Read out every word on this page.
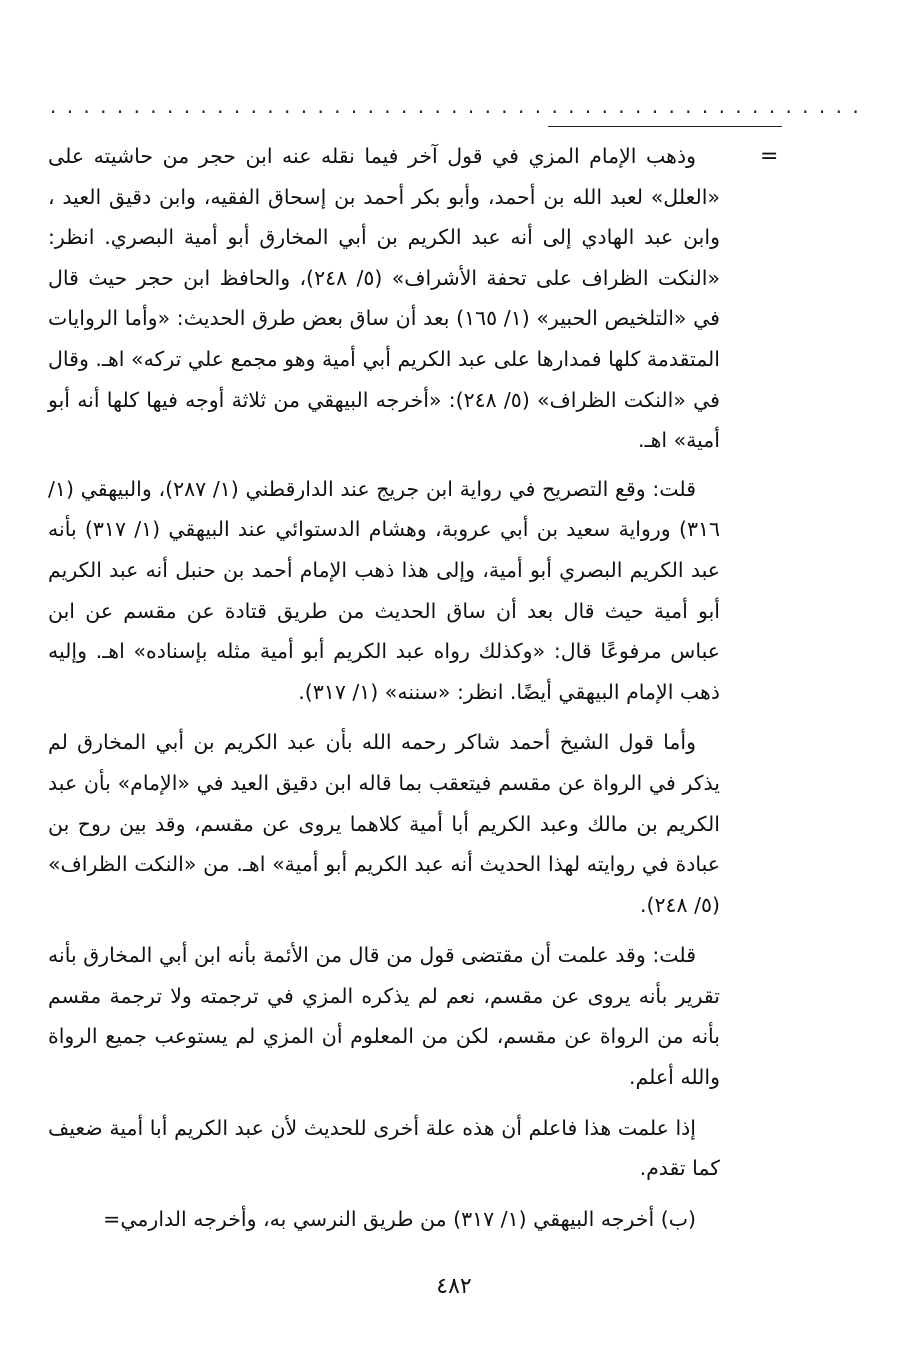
. . . . . . . . . . . . . . . . . . . . . . . . . . . . . . . . . . . . . . . . . . . . . . . . .
=

وذهب الإمام المزي في قول آخر فيما نقله عنه ابن حجر من حاشيته على «العلل» لعبد الله بن أحمد، وأبو بكر أحمد بن إسحاق الفقيه، وابن دقيق العيد ، وابن عبد الهادي إلى أنه عبد الكريم بن أبي المخارق أبو أمية البصري. انظر: «النكت الظراف على تحفة الأشراف» (٥/ ٢٤٨)، والحافظ ابن حجر حيث قال في «التلخيص الحبير» (١/ ١٦٥) بعد أن ساق بعض طرق الحديث: «وأما الروايات المتقدمة كلها فمدارها على عبد الكريم أبي أمية وهو مجمع علي تركه» اهـ. وقال في «النكت الظراف» (٥/ ٢٤٨): «أخرجه البيهقي من ثلاثة أوجه فيها كلها أنه أبو أمية» اهـ.

قلت: وقع التصريح في رواية ابن جريج عند الدارقطني (١/ ٢٨٧)، والبيهقي (١/ ٣١٦) ورواية سعيد بن أبي عروبة، وهشام الدستوائي عند البيهقي (١/ ٣١٧) بأنه عبد الكريم البصري أبو أمية، وإلى هذا ذهب الإمام أحمد بن حنبل أنه عبد الكريم أبو أمية حيث قال بعد أن ساق الحديث من طريق قتادة عن مقسم عن ابن عباس مرفوعًا قال: «وكذلك رواه عبد الكريم أبو أمية مثله بإسناده» اهـ. وإليه ذهب الإمام البيهقي أيضًا. انظر: «سننه» (١/ ٣١٧).

وأما قول الشيخ أحمد شاكر رحمه الله بأن عبد الكريم بن أبي المخارق لم يذكر في الرواة عن مقسم فيتعقب بما قاله ابن دقيق العيد في «الإمام» بأن عبد الكريم بن مالك وعبد الكريم أبا أمية كلاهما يروى عن مقسم، وقد بين روح بن عبادة في روايته لهذا الحديث أنه عبد الكريم أبو أمية» اهـ. من «النكت الظراف» (٥/ ٢٤٨).

قلت: وقد علمت أن مقتضى قول من قال من الأئمة بأنه ابن أبي المخارق بأنه تقرير بأنه يروى عن مقسم، نعم لم يذكره المزي في ترجمته ولا ترجمة مقسم بأنه من الرواة عن مقسم، لكن من المعلوم أن المزي لم يستوعب جميع الرواة والله أعلم.

إذا علمت هذا فاعلم أن هذه علة أخرى للحديث لأن عبد الكريم أبا أمية ضعيف كما تقدم.

(ب) أخرجه البيهقي (١/ ٣١٧) من طريق النرسي به، وأخرجه الدارمي=

٤٨٢
